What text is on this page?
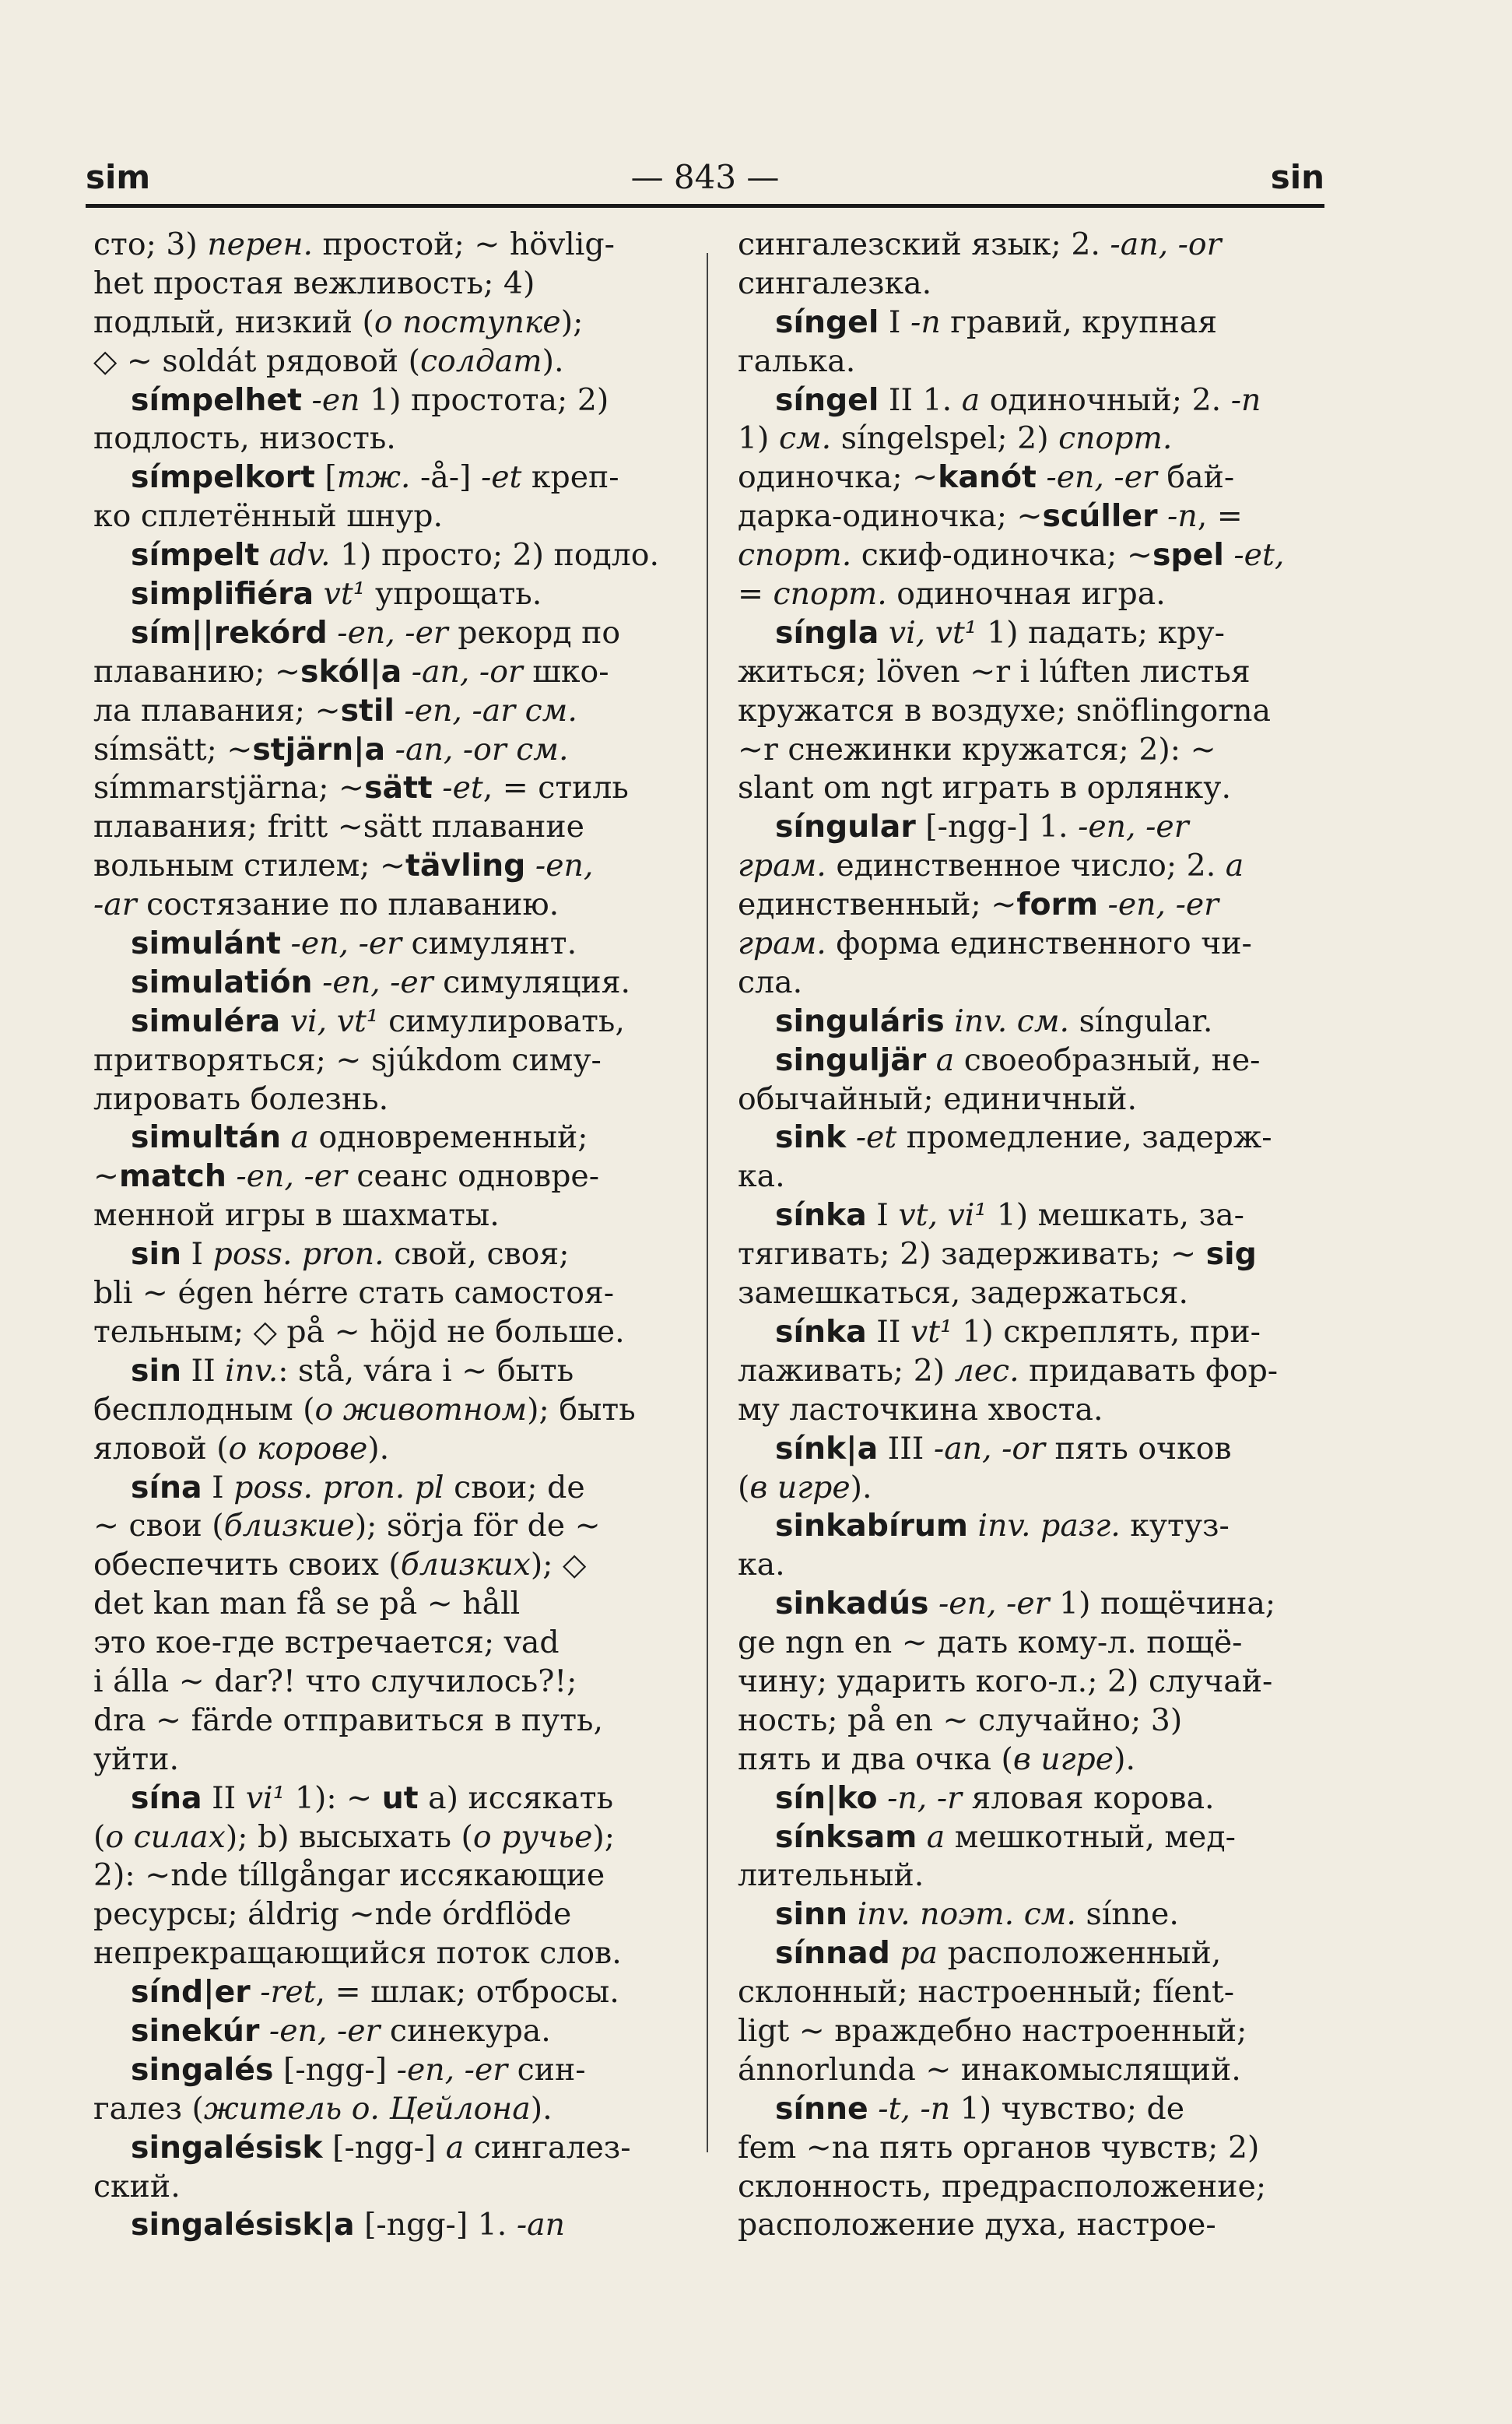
sim	— 843 —	sin
сто; 3) перен. простой; ~ hövlig-
het простая вежливость; 4)
подлый, низкий (о поступке);
◇ ~ soldát рядовой (солдат).
símpelhet -en 1) простота; 2)
подлость, низость.
símpelkort [тж. -å-] -et креп-
ко сплетённый шнур.
símpelt adv. 1) просто; 2) подло.
simplifiéra vt¹ упрощать.
sím||rekórd -en, -er рекорд по
плаванию; ~skól|a -an, -or шко-
ла плавания; ~stil -en, -ar см.
símsätt; ~stjärn|a -an, -or см.
símmarstjärna; ~sätt -et, = стиль
плавания; fritt ~sätt плавание
вольным стилем; ~tävling -en,
-ar состязание по плаванию.
simulánt -en, -er симулянт.
simulatión -en, -er симуляция.
simuléra vi, vt¹ симулировать,
притворяться; ~ sjúkdom симу-
лировать болезнь.
simultán a одновременный;
~match -en, -er сеанс одновре-
менной игры в шахматы.
sin I poss. pron. свой, своя;
bli ~ égen hérre стать самостоя-
тельным; ◇ på ~ höjd не больше.
sin II inv.: stå, vára i ~ быть
бесплодным (о животном); быть
яловой (о корове).
sína I poss. pron. pl свои; de
~ свои (близкие); sörja för de ~
обеспечить своих (близких); ◇
det kan man få se på ~ håll
это кое-где встречается; vad
i álla ~ dar?! что случилось?!;
dra ~ färde отправиться в путь,
уйти.
sína II vi¹ 1): ~ ut a) иссякать
(о силах); b) высыхать (о ручье);
2): ~nde tíllgångar иссякающие
ресурсы; áldrig ~nde órdflöde
непрекращающийся поток слов.
sínd|er -ret, = шлак; отбросы.
sinekúr -en, -er синекура.
singalés [-ngg-] -en, -er син-
галез (житель о. Цейлона).
singalésisk [-ngg-] a сингалез-
ский.
singalésisk|a [-ngg-] 1. -an
сингалезский язык; 2. -an, -or
сингалезка.
síngel I -n гравий, крупная
галька.
síngel II 1. a одиночный; 2. -n
1) см. síngelspel; 2) спорт.
одиночка; ~kanót -en, -er бай-
дарка-одиночка; ~scúller -n, =
спорт. скиф-одиночка; ~spel -et,
= спорт. одиночная игра.
síngla vi, vt¹ 1) падать; кру-
житься; löven ~r i lúften листья
кружатся в воздухе; snöflingorna
~r снежинки кружатся; 2): ~
slant om ngt играть в орлянку.
síngular [-ngg-] 1. -en, -er
грам. единственное число; 2. a
единственный; ~form -en, -er
грам. форма единственного чи-
сла.
singuláris inv. см. síngular.
singuljär a своеобразный, не-
обычайный; единичный.
sink -et промедление, задерж-
ка.
sínka I vt, vi¹ 1) мешкать, за-
тягивать; 2) задерживать; ~ sig
замешкаться, задержаться.
sínka II vt¹ 1) скреплять, при-
лаживать; 2) лес. придавать фор-
му ласточкина хвоста.
sínk|a III -an, -or пять очков
(в игре).
sinkabírum inv. разг. кутуз-
ка.
sinkadús -en, -er 1) пощёчина;
ge ngn en ~ дать кому-л. пощё-
чину; ударить кого-л.; 2) случай-
ность; på en ~ случайно; 3)
пять и два очка (в игре).
sín|ko -n, -r яловая корова.
sínksam a мешкотный, мед-
лительный.
sinn inv. поэт. см. sínne.
sínnad pa расположенный,
склонный; настроенный; fíent-
ligt ~ враждебно настроенный;
ánnorlunda ~ инакомыслящий.
sínne -t, -n 1) чувство; de
fem ~na пять органов чувств; 2)
склонность, предрасположение;
расположение духа, настрое-
